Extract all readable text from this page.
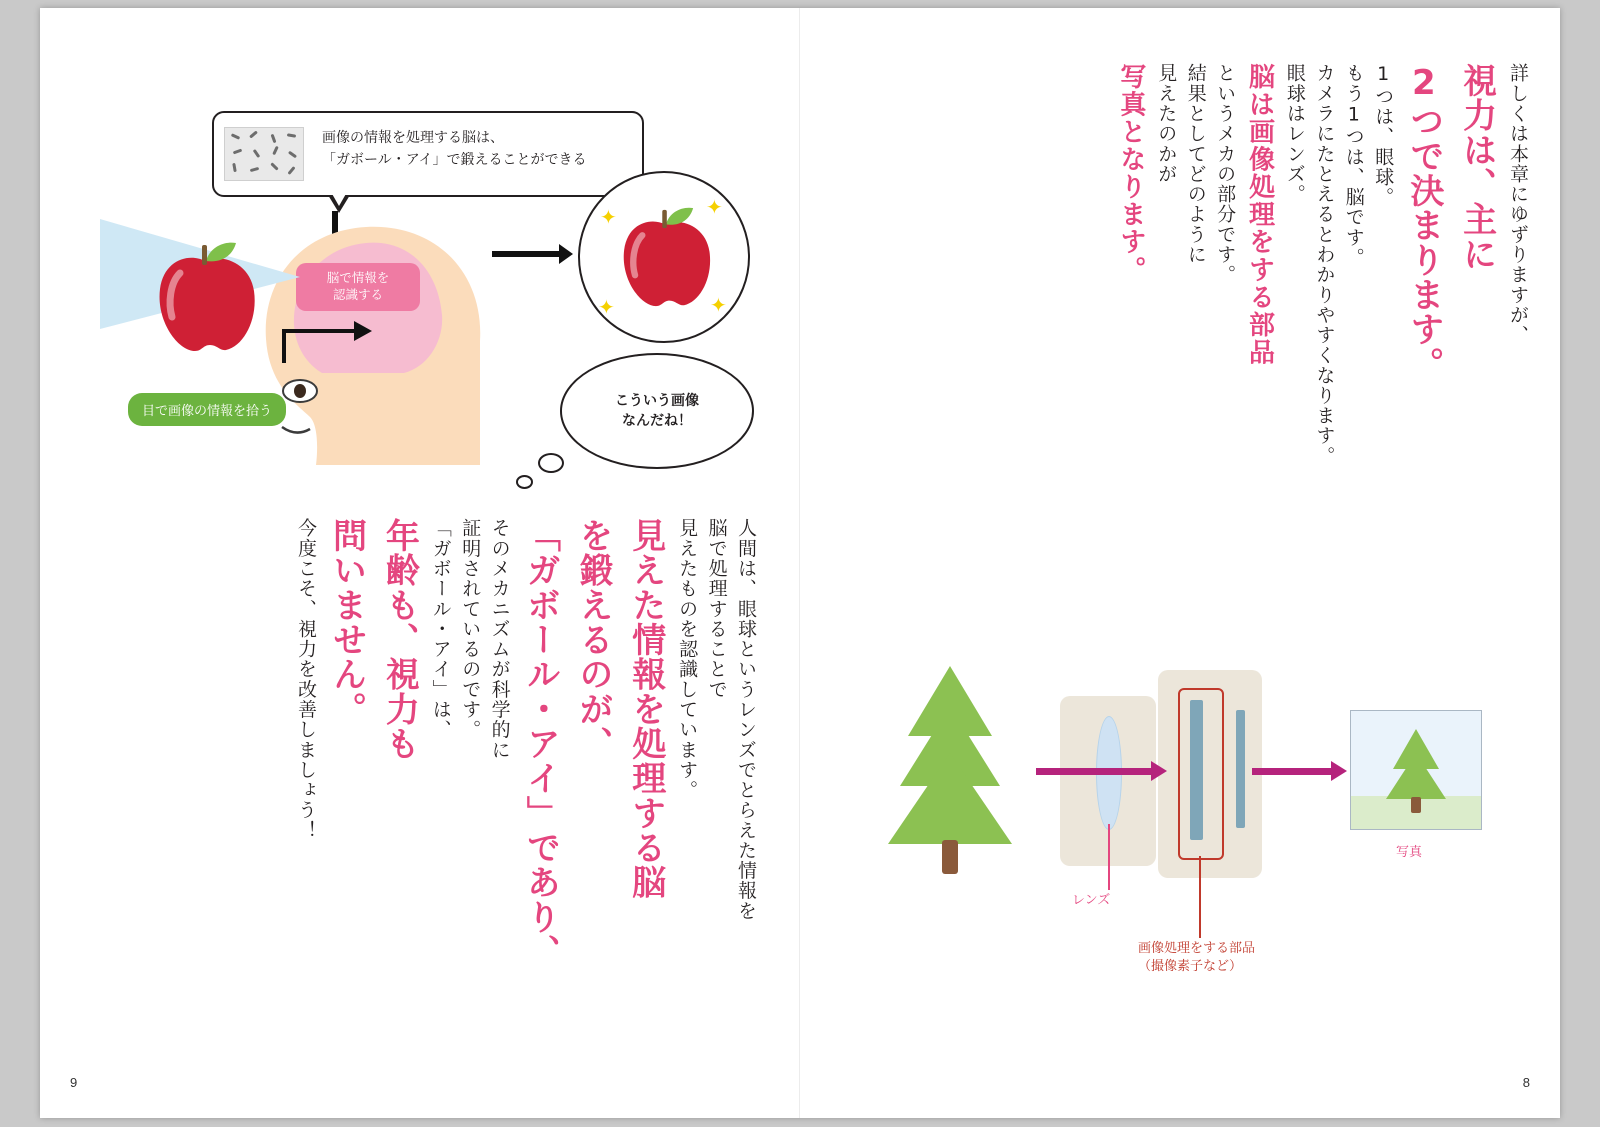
詳しくは本章にゆずりますが、
視力は、主に
2つで決まります。
1つは、眼球。
もう1つは、脳です。
カメラにたとえるとわかりやすくなります。
眼球はレンズ。
脳は画像処理をする部品
というメカの部分です。
結果としてどのように
見えたのかが
写真となります。
レンズ
画像処理をする部品
（撮像素子など）
写真
8
画像の情報を処理する脳は、
「ガボール・アイ」で鍛えることができる
脳で情報を
認識する
目で画像の情報を拾う
✦	✦
✦	✦
こういう画像
なんだね！
人間は、眼球というレンズでとらえた情報を
脳で処理することで
見えたものを認識しています。
見えた情報を処理する脳
を鍛えるのが、
「ガボール・アイ」であり、
そのメカニズムが科学的に
証明されているのです。
「ガボール・アイ」は、
年齢も、視力も
問いません。
今度こそ、視力を改善しましょう！
9
